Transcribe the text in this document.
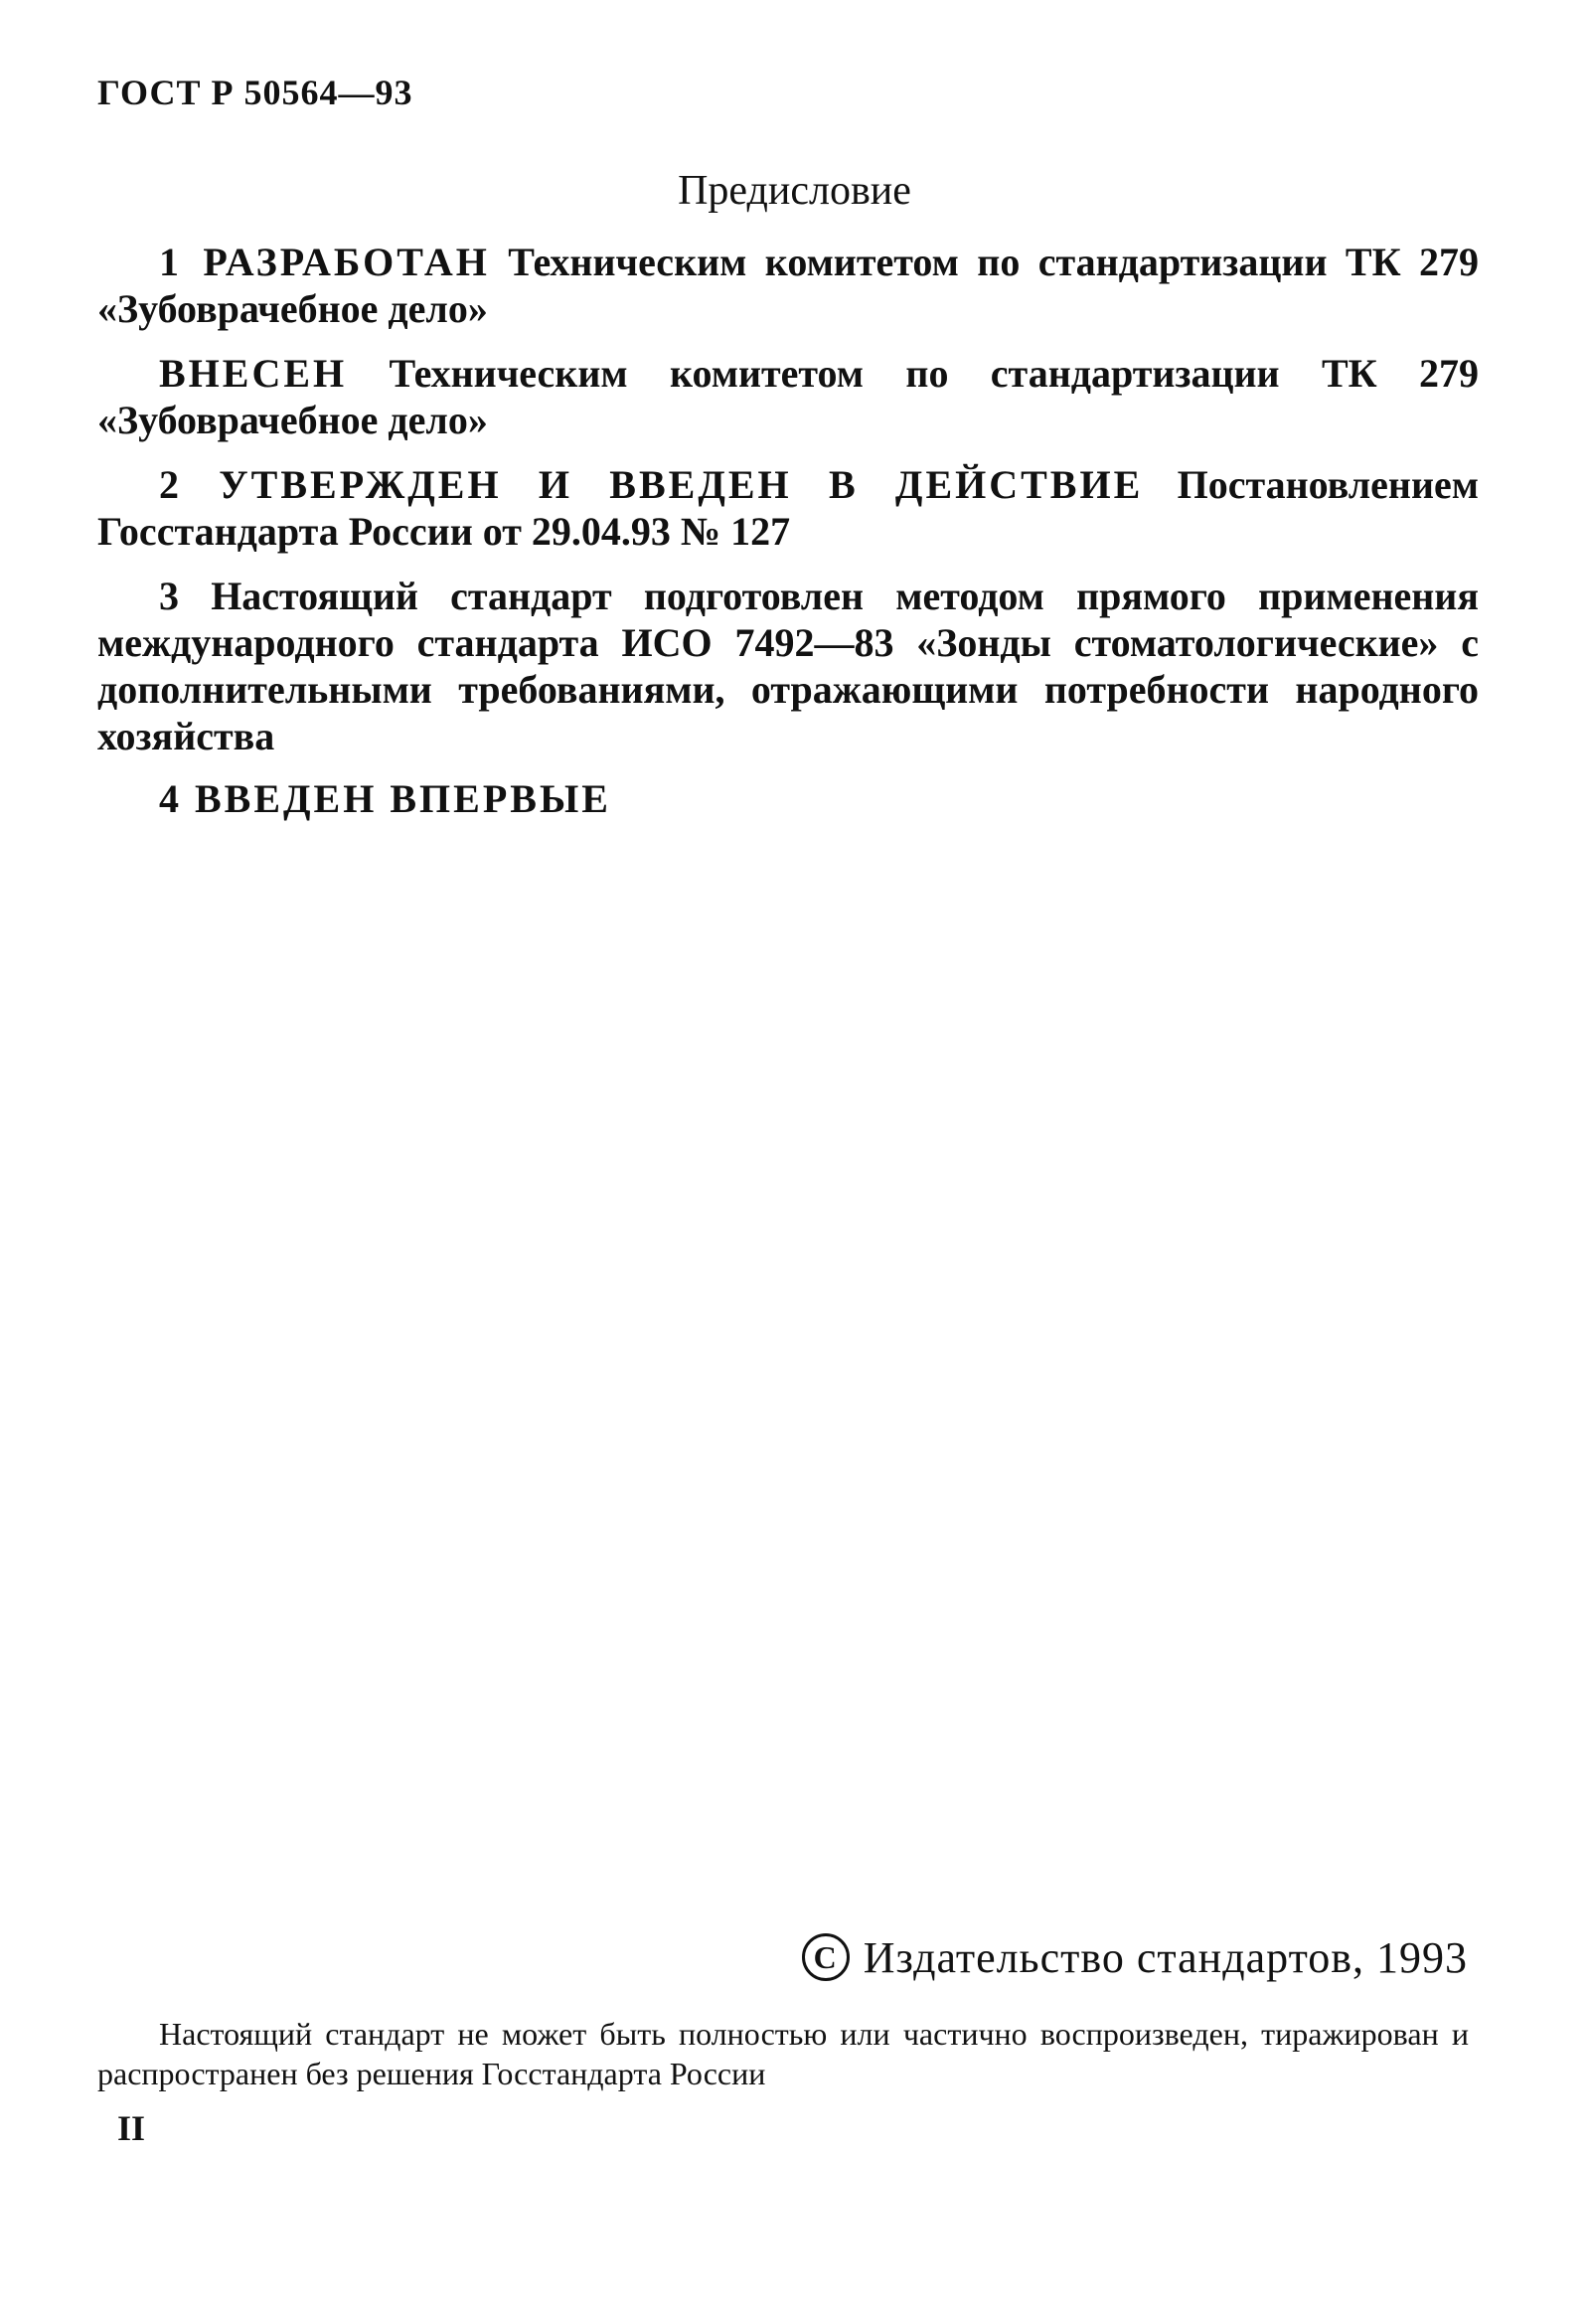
ГОСТ Р 50564—93
Предисловие
1 РАЗРАБОТАН Техническим комитетом по стандартизации ТК 279 «Зубоврачебное дело»
ВНЕСЕН Техническим комитетом по стандартизации ТК 279 «Зубоврачебное дело»
2 УТВЕРЖДЕН И ВВЕДЕН В ДЕЙСТВИЕ Постановлением Госстандарта России от 29.04.93 № 127
3 Настоящий стандарт подготовлен методом прямого применения международного стандарта ИСО 7492—83 «Зонды стоматологические» с дополнительными требованиями, отражающими потребности народного хозяйства
4 ВВЕДЕН ВПЕРВЫЕ
С Издательство стандартов, 1993
Настоящий стандарт не может быть полностью или частично воспроизведен, тиражирован и распространен без решения Госстандарта России
II
